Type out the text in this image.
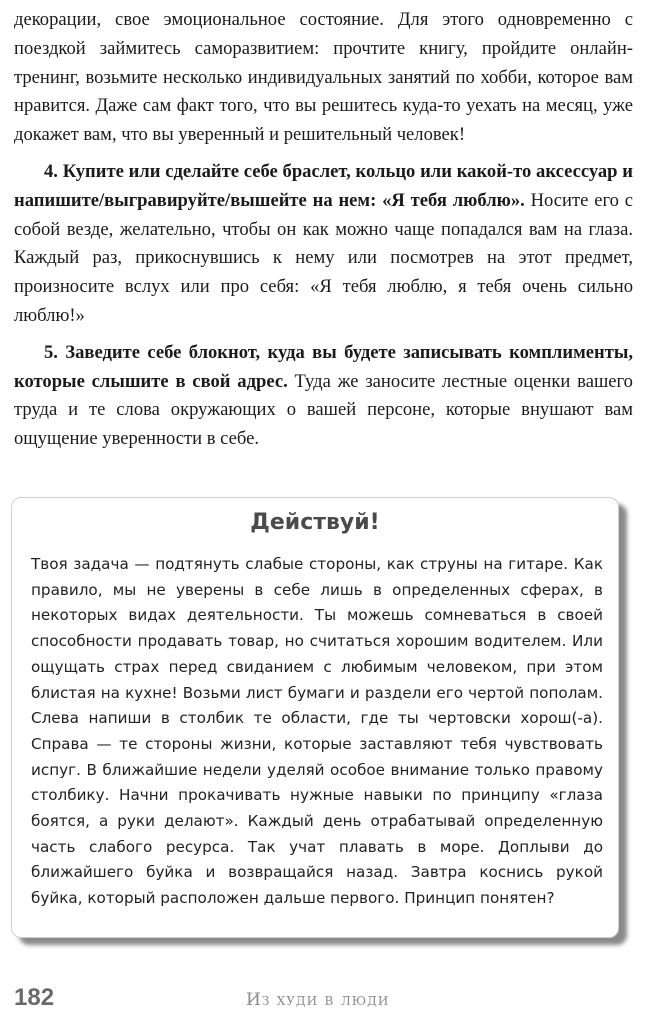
декорации, свое эмоциональное состояние. Для этого одновременно с поездкой займитесь саморазвитием: прочтите книгу, пройдите онлайн-тренинг, возьмите несколько индивидуальных занятий по хобби, которое вам нравится. Даже сам факт того, что вы решитесь куда-то уехать на месяц, уже докажет вам, что вы уверенный и решительный человек!

4. Купите или сделайте себе браслет, кольцо или какой-то аксессуар и напишите/выгравируйте/вышейте на нем: «Я тебя люблю». Носите его с собой везде, желательно, чтобы он как можно чаще попадался вам на глаза. Каждый раз, прикоснувшись к нему или посмотрев на этот предмет, произносите вслух или про себя: «Я тебя люблю, я тебя очень сильно люблю!»

5. Заведите себе блокнот, куда вы будете записывать комплименты, которые слышите в свой адрес. Туда же заносите лестные оценки вашего труда и те слова окружающих о вашей персоне, которые внушают вам ощущение уверенности в себе.

Действуй!

Твоя задача — подтянуть слабые стороны, как струны на гитаре. Как правило, мы не уверены в себе лишь в определенных сферах, в некоторых видах деятельности. Ты можешь сомневаться в своей способности продавать товар, но считаться хорошим водителем. Или ощущать страх перед свиданием с любимым человеком, при этом блистая на кухне! Возьми лист бумаги и раздели его чертой пополам. Слева напиши в столбик те области, где ты чертовски хорош(-а). Справа — те стороны жизни, которые заставляют тебя чувствовать испуг. В ближайшие недели уделяй особое внимание только правому столбику. Начни прокачивать нужные навыки по принципу «глаза боятся, а руки делают». Каждый день отрабатывай определенную часть слабого ресурса. Так учат плавать в море. Доплыви до ближайшего буйка и возвращайся назад. Завтра коснись рукой буйка, который расположен дальше первого. Принцип понятен?

182	Из худи в люди
